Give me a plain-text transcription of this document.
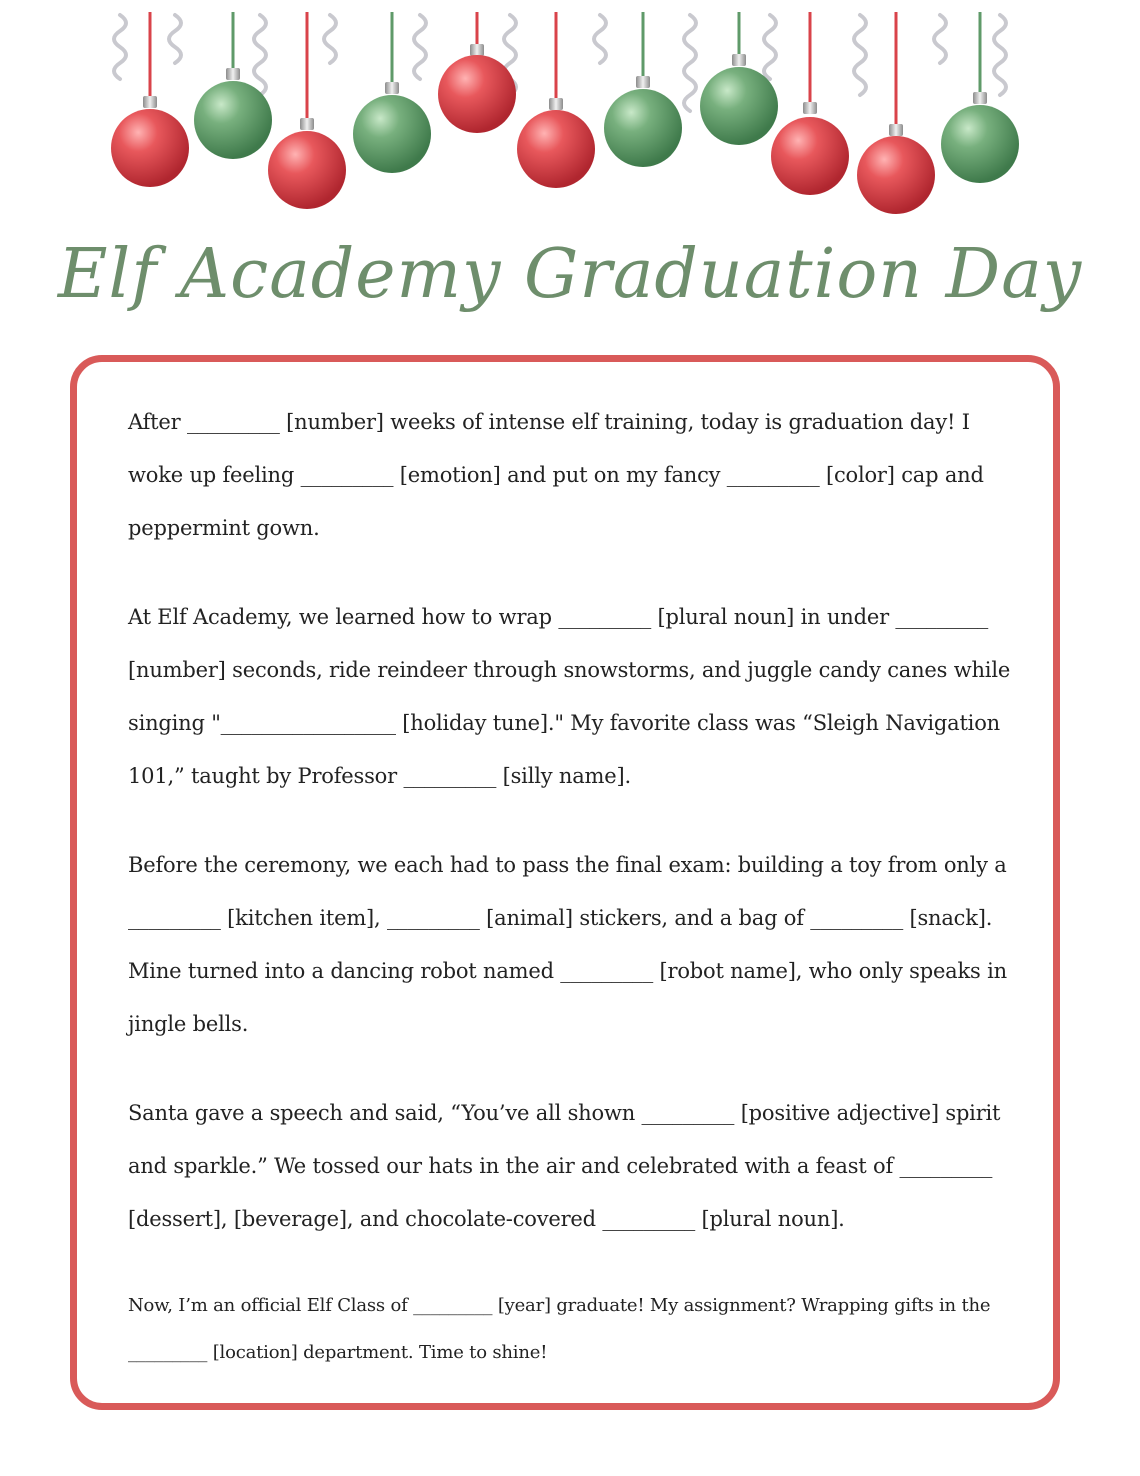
Elf Academy Graduation Day

After _________ [number] weeks of intense elf training, today is graduation day! I woke up feeling _________ [emotion] and put on my fancy _________ [color] cap and peppermint gown.

At Elf Academy, we learned how to wrap _________ [plural noun] in under _________ [number] seconds, ride reindeer through snowstorms, and juggle candy canes while singing "_________________ [holiday tune]." My favorite class was “Sleigh Navigation 101,” taught by Professor _________ [silly name].

Before the ceremony, we each had to pass the final exam: building a toy from only a _________ [kitchen item], _________ [animal] stickers, and a bag of _________ [snack]. Mine turned into a dancing robot named _________ [robot name], who only speaks in jingle bells.

Santa gave a speech and said, “You’ve all shown _________ [positive adjective] spirit and sparkle.” We tossed our hats in the air and celebrated with a feast of _________ [dessert], [beverage], and chocolate-covered _________ [plural noun].

Now, I’m an official Elf Class of _________ [year] graduate! My assignment? Wrapping gifts in the _________ [location] department. Time to shine!
